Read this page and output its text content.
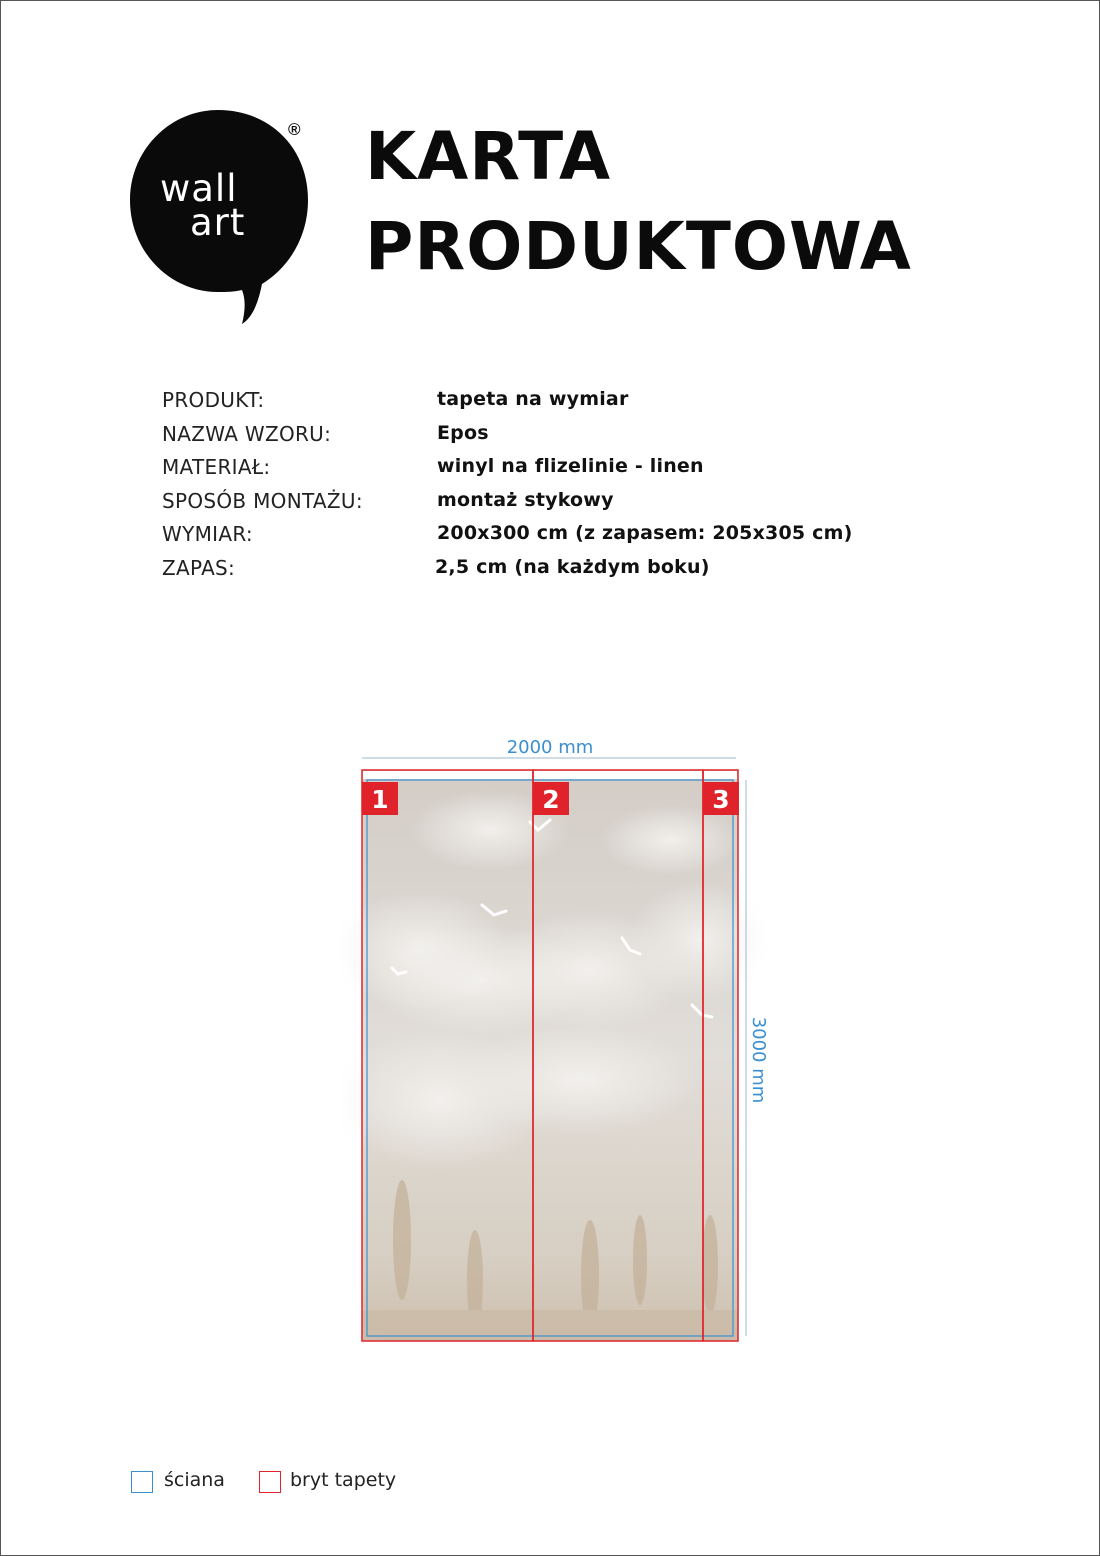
wall
art
® KARTA
PRODUKTOWA
PRODUKT:	tapeta na wymiar
NAZWA WZORU:	Epos
MATERIAŁ:	winyl na flizelinie - linen
SPOSÓB MONTAŻU:	montaż stykowy
WYMIAR:	200x300 cm (z zapasem: 205x305 cm)
ZAPAS:	2,5 cm (na każdym boku)
2000 mm
1	2	3
3000 mm
ściana	bryt tapety
